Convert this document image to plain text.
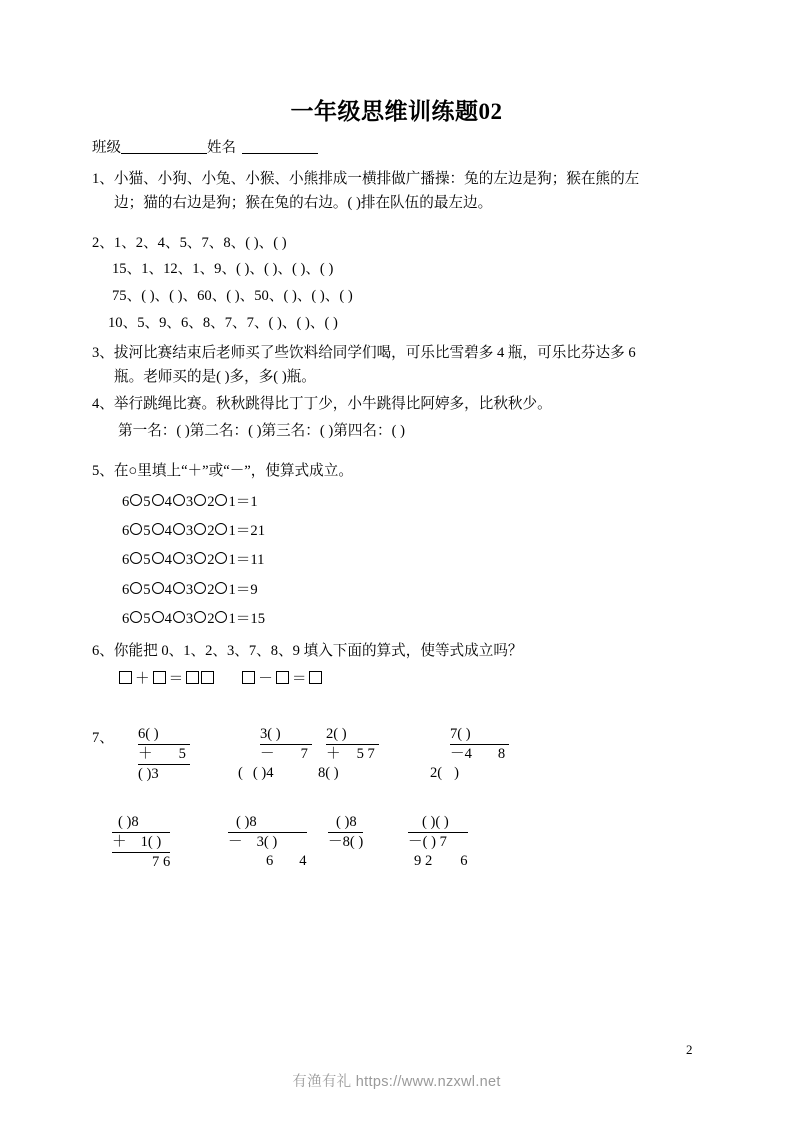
一年级思维训练题02
班级	姓名
1、小猫、小狗、小兔、小猴、小熊排成一横排做广播操：兔的左边是狗；猴在熊的左
边；猫的右边是狗；猴在兔的右边。( )排在队伍的最左边。
2、1、2、4、5、7、8、( )、( )
15、1、12、1、9、( )、( )、( )、( )
75、( )、( )、60、( )、50、( )、( )、( )
10、5、9、6、8、7、7、( )、( )、( )
3、拔河比赛结束后老师买了些饮料给同学们喝，可乐比雪碧多 4 瓶，可乐比芬达多 6
瓶。老师买的是( )多，多( )瓶。
4、举行跳绳比赛。秋秋跳得比丁丁少，小牛跳得比阿婷多，比秋秋少。
第一名：( )第二名：( )第三名：( )第四名：( )
5、在○里填上“＋”或“－”，使算式成立。
6 5 4 3 2 1＝1
6 5 4 3 2 1＝21
6 5 4 3 2 1＝11
6 5 4 3 2 1＝9
6 5 4 3 2 1＝15
6、你能把 0、1、2、3、7、8、9 填入下面的算式，使等式成立吗？
＋ ＝	－ ＝
7、 6( )
＋ 5
( )3
3( )
－ 7
( ( )4
2( )
＋ 5 7
8( )
7( )
－4 8
2( )
( )8
＋ 1( )
7 6
( )8
－ 3( )
6 4
( )8
－8( )
( )( )
－( ) 7
9 2 6
2
有渔有礼 https://www.nzxwl.net
